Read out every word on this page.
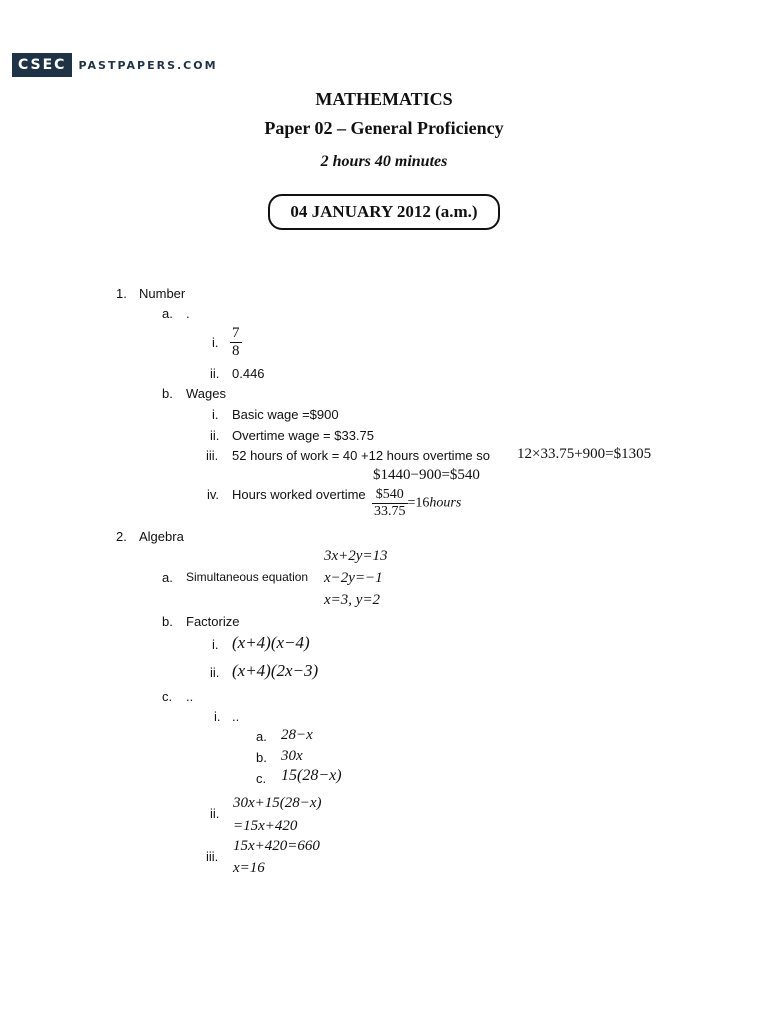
CSEC	PASTPAPERS.COM
MATHEMATICS
Paper 02 – General Proficiency
2 hours 40 minutes
04 JANUARY 2012 (a.m.)
1. Number
a. .
i. $\frac{7}{8}$
ii. 0.446
b. Wages
i. Basic wage =$900
ii. Overtime wage = $33.75
iii. 52 hours of work = 40 +12 hours overtime so 12×33.75+900=$1305
$1440−900=$540
iv. Hours worked overtime $\frac{\$540}{33.75}$ =16hours
2. Algebra
3x+2y=13
a. Simultaneous equation x−2y=−1
x=3, y=2
b. Factorize
i. (x+4)(x−4)
ii. (x+4)(2x−3)
c. ..
i. ..
a. 28−x
b. 30x
c. 15(28−x)
ii.
30x+15(28−x)
=15x+420
iii.
15x+420=660
x=16
